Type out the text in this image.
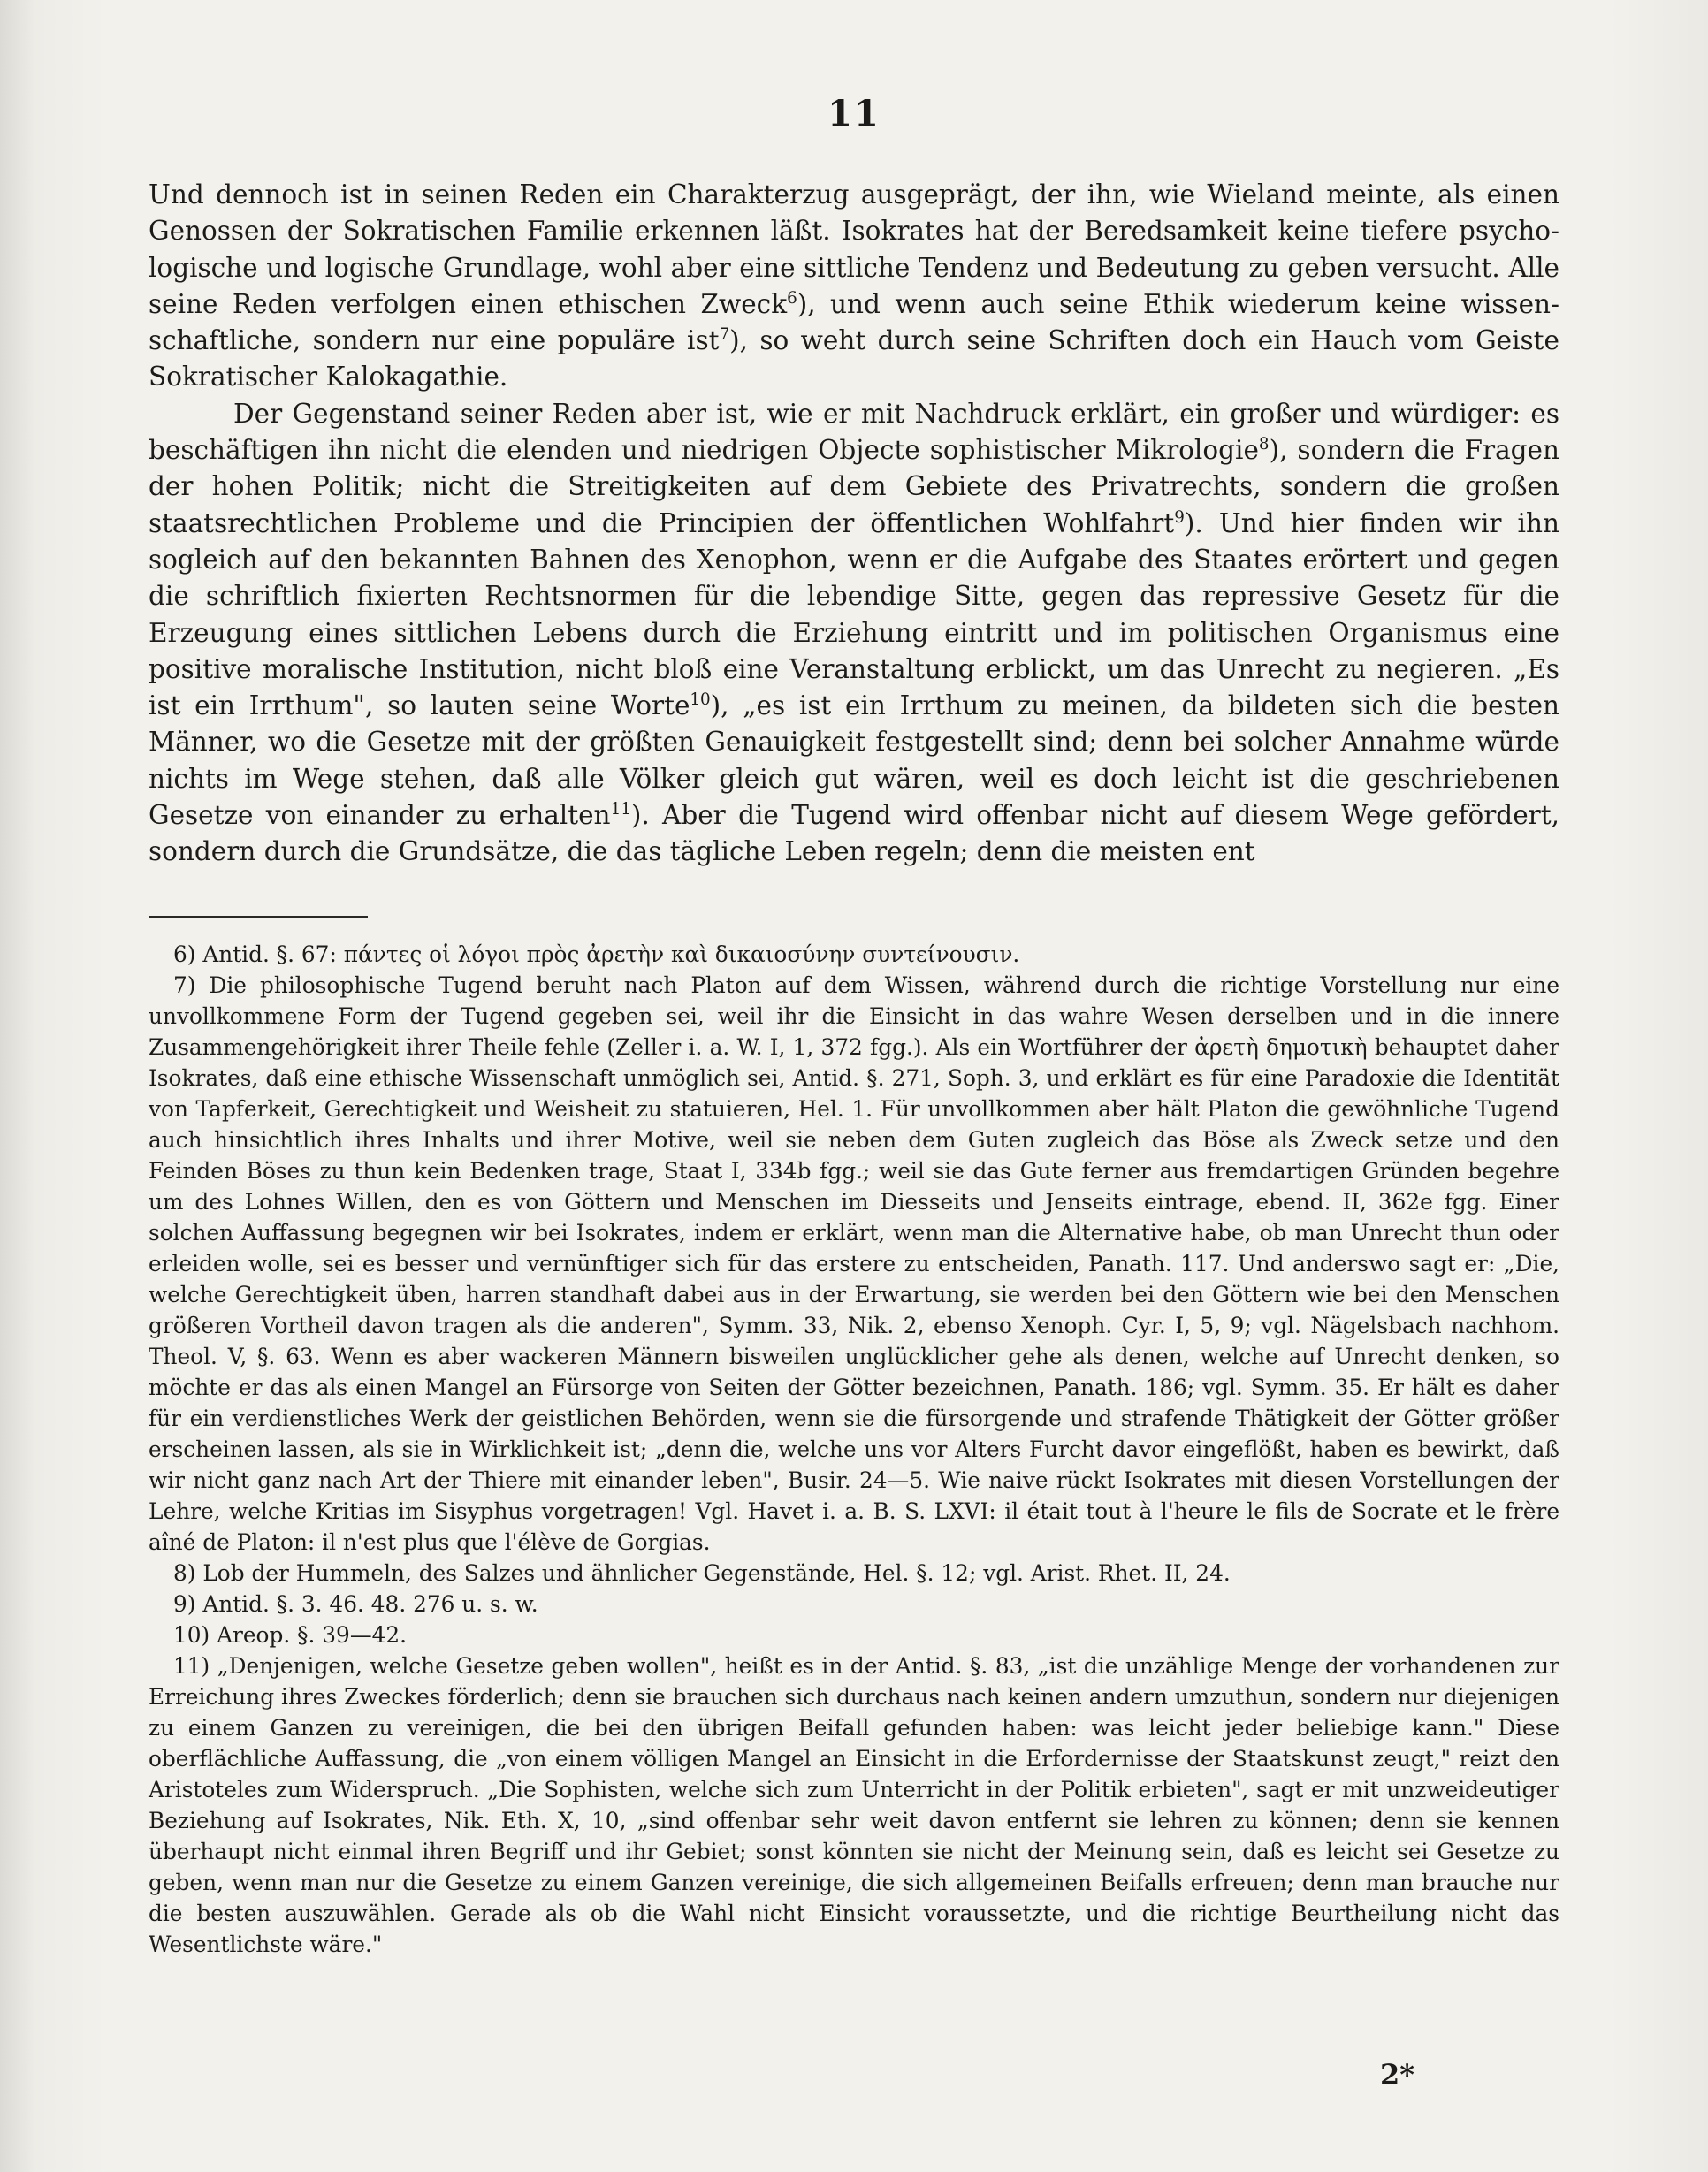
11

Und dennoch ist in seinen Reden ein Charakterzug ausgeprägt, der ihn, wie Wieland meinte, als einen Genossen der Sokratischen Familie erkennen läßt. Isokrates hat der Beredsamkeit keine tiefere psychologische und logische Grundlage, wohl aber eine sittliche Tendenz und Bedeutung zu geben versucht. Alle seine Reden verfolgen einen ethischen Zweck$^6$), und wenn auch seine Ethik wiederum keine wissenschaftliche, sondern nur eine populäre ist$^7$), so weht durch seine Schriften doch ein Hauch vom Geiste Sokratischer Kalokagathie.

Der Gegenstand seiner Reden aber ist, wie er mit Nachdruck erklärt, ein großer und würdiger: es beschäftigen ihn nicht die elenden und niedrigen Objecte sophistischer Mikrologie$^8$), sondern die Fragen der hohen Politik; nicht die Streitigkeiten auf dem Gebiete des Privatrechts, sondern die großen staatsrechtlichen Probleme und die Principien der öffentlichen Wohlfahrt$^9$). Und hier finden wir ihn sogleich auf den bekannten Bahnen des Xenophon, wenn er die Aufgabe des Staates erörtert und gegen die schriftlich fixierten Rechtsnormen für die lebendige Sitte, gegen das repressive Gesetz für die Erzeugung eines sittlichen Lebens durch die Erziehung eintritt und im politischen Organismus eine positive moralische Institution, nicht bloß eine Veranstaltung erblickt, um das Unrecht zu negieren. „Es ist ein Irrthum", so lauten seine Worte$^{10}$), „es ist ein Irrthum zu meinen, da bildeten sich die besten Männer, wo die Gesetze mit der größten Genauigkeit festgestellt sind; denn bei solcher Annahme würde nichts im Wege stehen, daß alle Völker gleich gut wären, weil es doch leicht ist die geschriebenen Gesetze von einander zu erhalten$^{11}$). Aber die Tugend wird offenbar nicht auf diesem Wege gefördert, sondern durch die Grundsätze, die das tägliche Leben regeln; denn die meisten ent

6) Antid. §. 67: πάντες οἱ λόγοι πρὸς ἀρετὴν καὶ δικαιοσύνην συντείνουσιν.

7) Die philosophische Tugend beruht nach Platon auf dem Wissen, während durch die richtige Vorstellung nur eine unvollkommene Form der Tugend gegeben sei, weil ihr die Einsicht in das wahre Wesen derselben und in die innere Zusammengehörigkeit ihrer Theile fehle (Zeller i. a. W. I, 1, 372 fgg.). Als ein Wortführer der ἀρετὴ δημοτικὴ behauptet daher Isokrates, daß eine ethische Wissenschaft unmöglich sei, Antid. §. 271, Soph. 3, und erklärt es für eine Paradoxie die Identität von Tapferkeit, Gerechtigkeit und Weisheit zu statuieren, Hel. 1. Für unvollkommen aber hält Platon die gewöhnliche Tugend auch hinsichtlich ihres Inhalts und ihrer Motive, weil sie neben dem Guten zugleich das Böse als Zweck setze und den Feinden Böses zu thun kein Bedenken trage, Staat I, 334b fgg.; weil sie das Gute ferner aus fremdartigen Gründen begehre um des Lohnes Willen, den es von Göttern und Menschen im Diesseits und Jenseits eintrage, ebend. II, 362e fgg. Einer solchen Auffassung begegnen wir bei Isokrates, indem er erklärt, wenn man die Alternative habe, ob man Unrecht thun oder erleiden wolle, sei es besser und vernünftiger sich für das erstere zu entscheiden, Panath. 117. Und anderswo sagt er: „Die, welche Gerechtigkeit üben, harren standhaft dabei aus in der Erwartung, sie werden bei den Göttern wie bei den Menschen größeren Vortheil davon tragen als die anderen", Symm. 33, Nik. 2, ebenso Xenoph. Cyr. I, 5, 9; vgl. Nägelsbach nachhom. Theol. V, §. 63. Wenn es aber wackeren Männern bisweilen unglücklicher gehe als denen, welche auf Unrecht denken, so möchte er das als einen Mangel an Fürsorge von Seiten der Götter bezeichnen, Panath. 186; vgl. Symm. 35. Er hält es daher für ein verdienstliches Werk der geistlichen Behörden, wenn sie die fürsorgende und strafende Thätigkeit der Götter größer erscheinen lassen, als sie in Wirklichkeit ist; „denn die, welche uns vor Alters Furcht davor eingeflößt, haben es bewirkt, daß wir nicht ganz nach Art der Thiere mit einander leben", Busir. 24—5. Wie naive rückt Isokrates mit diesen Vorstellungen der Lehre, welche Kritias im Sisyphus vorgetragen! Vgl. Havet i. a. B. S. LXVI: il était tout à l'heure le fils de Socrate et le frère aîné de Platon: il n'est plus que l'élève de Gorgias.

8) Lob der Hummeln, des Salzes und ähnlicher Gegenstände, Hel. §. 12; vgl. Arist. Rhet. II, 24.

9) Antid. §. 3. 46. 48. 276 u. s. w.

10) Areop. §. 39—42.

11) „Denjenigen, welche Gesetze geben wollen", heißt es in der Antid. §. 83, „ist die unzählige Menge der vorhandenen zur Erreichung ihres Zweckes förderlich; denn sie brauchen sich durchaus nach keinen andern umzuthun, sondern nur diejenigen zu einem Ganzen zu vereinigen, die bei den übrigen Beifall gefunden haben: was leicht jeder beliebige kann." Diese oberflächliche Auffassung, die „von einem völligen Mangel an Einsicht in die Erfordernisse der Staatskunst zeugt," reizt den Aristoteles zum Widerspruch. „Die Sophisten, welche sich zum Unterricht in der Politik erbieten", sagt er mit unzweideutiger Beziehung auf Isokrates, Nik. Eth. X, 10, „sind offenbar sehr weit davon entfernt sie lehren zu können; denn sie kennen überhaupt nicht einmal ihren Begriff und ihr Gebiet; sonst könnten sie nicht der Meinung sein, daß es leicht sei Gesetze zu geben, wenn man nur die Gesetze zu einem Ganzen vereinige, die sich allgemeinen Beifalls erfreuen; denn man brauche nur die besten auszuwählen. Gerade als ob die Wahl nicht Einsicht voraussetzte, und die richtige Beurtheilung nicht das Wesentlichste wäre."

2*
